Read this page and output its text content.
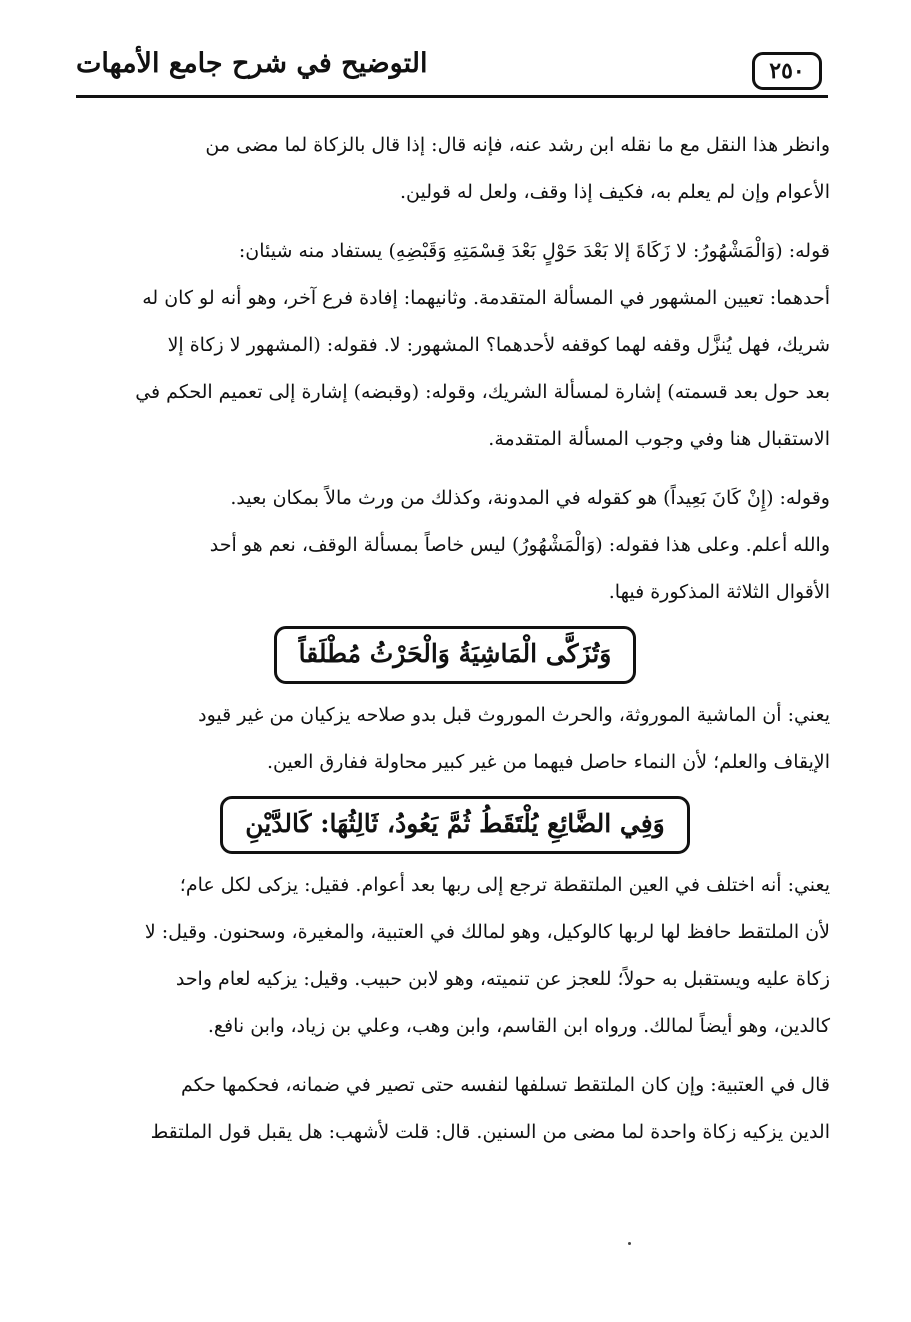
٢٥٠
التوضيح في شرح جامع الأمهات

وانظر هذا النقل مع ما نقله ابن رشد عنه، فإنه قال: إذا قال بالزكاة لما مضى من
الأعوام وإن لم يعلم به، فكيف إذا وقف، ولعل له قولين.

قوله: (وَالْمَشْهُورُ: لا زَكَاةَ إلا بَعْدَ حَوْلٍ بَعْدَ قِسْمَتِهِ وَقَبْضِهِ) يستفاد منه شيئان:
أحدهما: تعيين المشهور في المسألة المتقدمة. وثانيهما: إفادة فرع آخر، وهو أنه لو كان له
شريك، فهل يُنزَّل وقفه لهما كوقفه لأحدهما؟ المشهور: لا. فقوله: (المشهور لا زكاة إلا
بعد حول بعد قسمته) إشارة لمسألة الشريك، وقوله: (وقبضه) إشارة إلى تعميم الحكم في
الاستقبال هنا وفي وجوب المسألة المتقدمة.

وقوله: (إِنْ كَانَ بَعِيداً) هو كقوله في المدونة، وكذلك من ورث مالاً بمكان بعيد.
والله أعلم. وعلى هذا فقوله: (وَالْمَشْهُورُ) ليس خاصاً بمسألة الوقف، نعم هو أحد
الأقوال الثلاثة المذكورة فيها.

وَتُزَكَّى الْمَاشِيَةُ وَالْحَرْثُ مُطْلَقاً

يعني: أن الماشية الموروثة، والحرث الموروث قبل بدو صلاحه يزكيان من غير قيود
الإيقاف والعلم؛ لأن النماء حاصل فيهما من غير كبير محاولة ففارق العين.

وَفِي الضَّائِعِ يُلْتَقَطُ ثُمَّ يَعُودُ، ثَالِثُهَا: كَالدَّيْنِ

يعني: أنه اختلف في العين الملتقطة ترجع إلى ربها بعد أعوام. فقيل: يزكى لكل عام؛
لأن الملتقط حافظ لها لربها كالوكيل، وهو لمالك في العتبية، والمغيرة، وسحنون. وقيل: لا
زكاة عليه ويستقبل به حولاً؛ للعجز عن تنميته، وهو لابن حبيب. وقيل: يزكيه لعام واحد
كالدين، وهو أيضاً لمالك. ورواه ابن القاسم، وابن وهب، وعلي بن زياد، وابن نافع.

قال في العتبية: وإن كان الملتقط تسلفها لنفسه حتى تصير في ضمانه، فحكمها حكم
الدين يزكيه زكاة واحدة لما مضى من السنين. قال: قلت لأشهب: هل يقبل قول الملتقط
